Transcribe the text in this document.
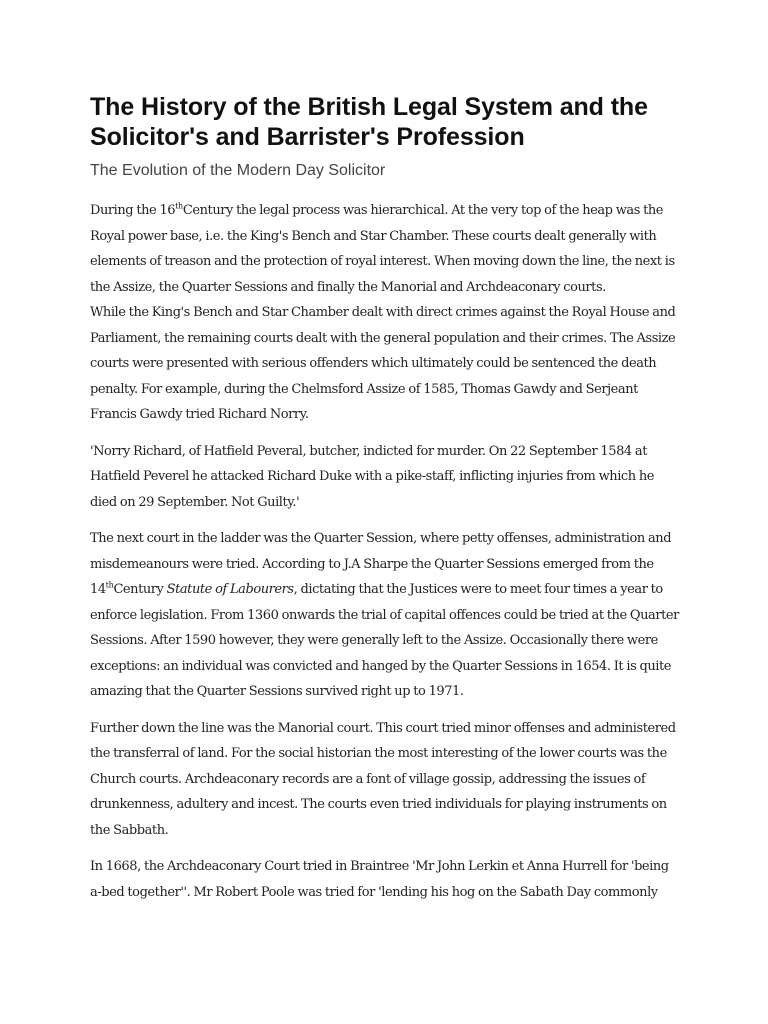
The History of the British Legal System and the Solicitor's and Barrister's Profession
The Evolution of the Modern Day Solicitor

During the 16thCentury the legal process was hierarchical. At the very top of the heap was the Royal power base, i.e. the King's Bench and Star Chamber. These courts dealt generally with elements of treason and the protection of royal interest. When moving down the line, the next is the Assize, the Quarter Sessions and finally the Manorial and Archdeaconary courts.

While the King's Bench and Star Chamber dealt with direct crimes against the Royal House and Parliament, the remaining courts dealt with the general population and their crimes. The Assize courts were presented with serious offenders which ultimately could be sentenced the death penalty. For example, during the Chelmsford Assize of 1585, Thomas Gawdy and Serjeant Francis Gawdy tried Richard Norry.

'Norry Richard, of Hatfield Peveral, butcher, indicted for murder. On 22 September 1584 at Hatfield Peverel he attacked Richard Duke with a pike-staff, inflicting injuries from which he died on 29 September. Not Guilty.'

The next court in the ladder was the Quarter Session, where petty offenses, administration and misdemeanours were tried. According to J.A Sharpe the Quarter Sessions emerged from the 14thCentury Statute of Labourers, dictating that the Justices were to meet four times a year to enforce legislation. From 1360 onwards the trial of capital offences could be tried at the Quarter Sessions. After 1590 however, they were generally left to the Assize. Occasionally there were exceptions: an individual was convicted and hanged by the Quarter Sessions in 1654. It is quite amazing that the Quarter Sessions survived right up to 1971.

Further down the line was the Manorial court. This court tried minor offenses and administered the transferral of land. For the social historian the most interesting of the lower courts was the Church courts. Archdeaconary records are a font of village gossip, addressing the issues of drunkenness, adultery and incest. The courts even tried individuals for playing instruments on the Sabbath.

In 1668, the Archdeaconary Court tried in Braintree 'Mr John Lerkin et Anna Hurrell for 'being a-bed together''. Mr Robert Poole was tried for 'lending his hog on the Sabath Day commonly
